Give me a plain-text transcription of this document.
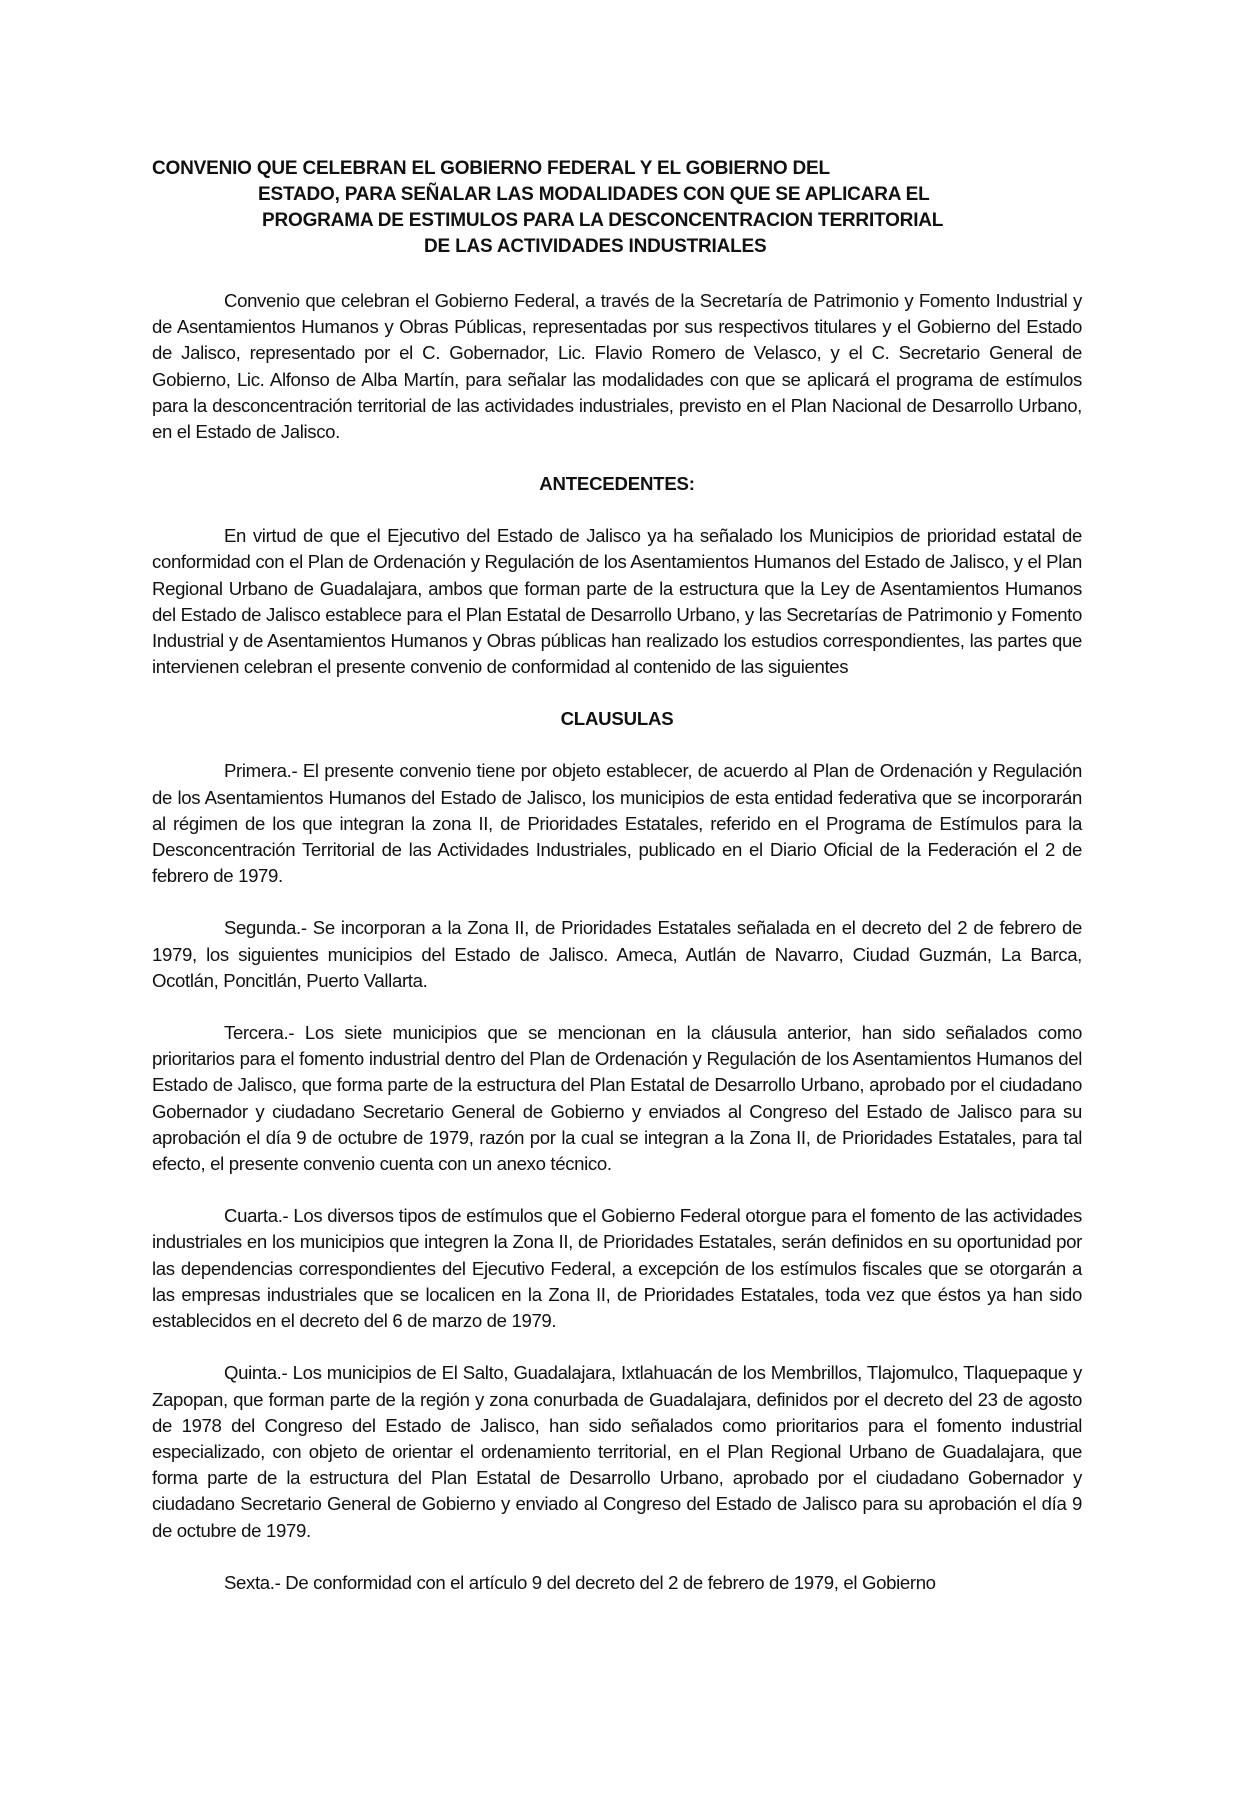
CONVENIO QUE CELEBRAN EL GOBIERNO FEDERAL Y EL GOBIERNO DEL
ESTADO, PARA SEÑALAR LAS MODALIDADES CON QUE SE APLICARA EL
PROGRAMA DE ESTIMULOS PARA LA DESCONCENTRACION TERRITORIAL
DE LAS ACTIVIDADES INDUSTRIALES

Convenio que celebran el Gobierno Federal, a través de la Secretaría de Patrimonio y Fomento Industrial y de Asentamientos Humanos y Obras Públicas, representadas por sus respectivos titulares y el Gobierno del Estado de Jalisco, representado por el C. Gobernador, Lic. Flavio Romero de Velasco, y el C. Secretario General de Gobierno, Lic. Alfonso de Alba Martín, para señalar las modalidades con que se aplicará el programa de estímulos para la desconcentración territorial de las actividades industriales, previsto en el Plan Nacional de Desarrollo Urbano, en el Estado de Jalisco.

ANTECEDENTES:

En virtud de que el Ejecutivo del Estado de Jalisco ya ha señalado los Municipios de prioridad estatal de conformidad con el Plan de Ordenación y Regulación de los Asentamientos Humanos del Estado de Jalisco, y el Plan Regional Urbano de Guadalajara, ambos que forman parte de la estructura que la Ley de Asentamientos Humanos del Estado de Jalisco establece para el Plan Estatal de Desarrollo Urbano, y las Secretarías de Patrimonio y Fomento Industrial y de Asentamientos Humanos y Obras públicas han realizado los estudios correspondientes, las partes que intervienen celebran el presente convenio de conformidad al contenido de las siguientes

CLAUSULAS

Primera.- El presente convenio tiene por objeto establecer, de acuerdo al Plan de Ordenación y Regulación de los Asentamientos Humanos del Estado de Jalisco, los municipios de esta entidad federativa que se incorporarán al régimen de los que integran la zona II, de Prioridades Estatales, referido en el Programa de Estímulos para la Desconcentración Territorial de las Actividades Industriales, publicado en el Diario Oficial de la Federación el 2 de febrero de 1979.

Segunda.- Se incorporan a la Zona II, de Prioridades Estatales señalada en el decreto del 2 de febrero de 1979, los siguientes municipios del Estado de Jalisco. Ameca, Autlán de Navarro, Ciudad Guzmán, La Barca, Ocotlán, Poncitlán, Puerto Vallarta.

Tercera.- Los siete municipios que se mencionan en la cláusula anterior, han sido señalados como prioritarios para el fomento industrial dentro del Plan de Ordenación y Regulación de los Asentamientos Humanos del Estado de Jalisco, que forma parte de la estructura del Plan Estatal de Desarrollo Urbano, aprobado por el ciudadano Gobernador y ciudadano Secretario General de Gobierno y enviados al Congreso del Estado de Jalisco para su aprobación el día 9 de octubre de 1979, razón por la cual se integran a la Zona II, de Prioridades Estatales, para tal efecto, el presente convenio cuenta con un anexo técnico.

Cuarta.- Los diversos tipos de estímulos que el Gobierno Federal otorgue para el fomento de las actividades industriales en los municipios que integren la Zona II, de Prioridades Estatales, serán definidos en su oportunidad por las dependencias correspondientes del Ejecutivo Federal, a excepción de los estímulos fiscales que se otorgarán a las empresas industriales que se localicen en la Zona II, de Prioridades Estatales, toda vez que éstos ya han sido establecidos en el decreto del 6 de marzo de 1979.

Quinta.- Los municipios de El Salto, Guadalajara, Ixtlahuacán de los Membrillos, Tlajomulco, Tlaquepaque y Zapopan, que forman parte de la región y zona conurbada de Guadalajara, definidos por el decreto del 23 de agosto de 1978 del Congreso del Estado de Jalisco, han sido señalados como prioritarios para el fomento industrial especializado, con objeto de orientar el ordenamiento territorial, en el Plan Regional Urbano de Guadalajara, que forma parte de la estructura del Plan Estatal de Desarrollo Urbano, aprobado por el ciudadano Gobernador y ciudadano Secretario General de Gobierno y enviado al Congreso del Estado de Jalisco para su aprobación el día 9 de octubre de 1979.

Sexta.- De conformidad con el artículo 9 del decreto del 2 de febrero de 1979, el Gobierno
